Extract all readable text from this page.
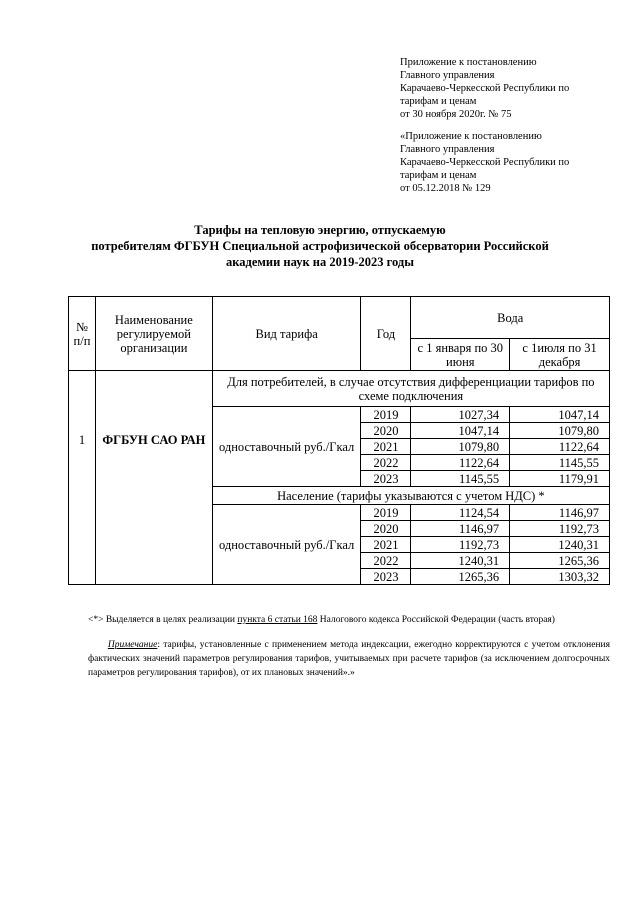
Приложение к постановлению
Главного управления
Карачаево-Черкесской Республики по
тарифам и ценам
от 30 ноября 2020г. № 75
«Приложение к постановлению
Главного управления
Карачаево-Черкесской Республики по
тарифам и ценам
от 05.12.2018 № 129
Тарифы на тепловую энергию, отпускаемую
потребителям ФГБУН Специальной астрофизической обсерватории Российской
академии наук на 2019-2023 годы
№ п/п	Наименование регулируемой организации	Вид тарифа	Год	Вода	
				с 1 января по 30 июня	с 1июля по 31 декабря
1	ФГБУН САО РАН	Для потребителей, в случае отсутствия дифференциации тарифов по схеме подключения			
		одноставочный руб./Гкал	2019	1027,34	1047,14
			2020	1047,14	1079,80
			2021	1079,80	1122,64
			2022	1122,64	1145,55
			2023	1145,55	1179,91
		Население (тарифы указываются с учетом НДС) *			
		одноставочный руб./Гкал	2019	1124,54	1146,97
			2020	1146,97	1192,73
			2021	1192,73	1240,31
			2022	1240,31	1265,36
			2023	1265,36	1303,32
<*> Выделяется в целях реализации пункта 6 статьи 168 Налогового кодекса Российской Федерации (часть вторая)
Примечание: тарифы, установленные с применением метода индексации, ежегодно корректируются с учетом отклонения фактических значений параметров регулирования тарифов, учитываемых при расчете тарифов (за исключением долгосрочных параметров регулирования тарифов), от их плановых значений».»
